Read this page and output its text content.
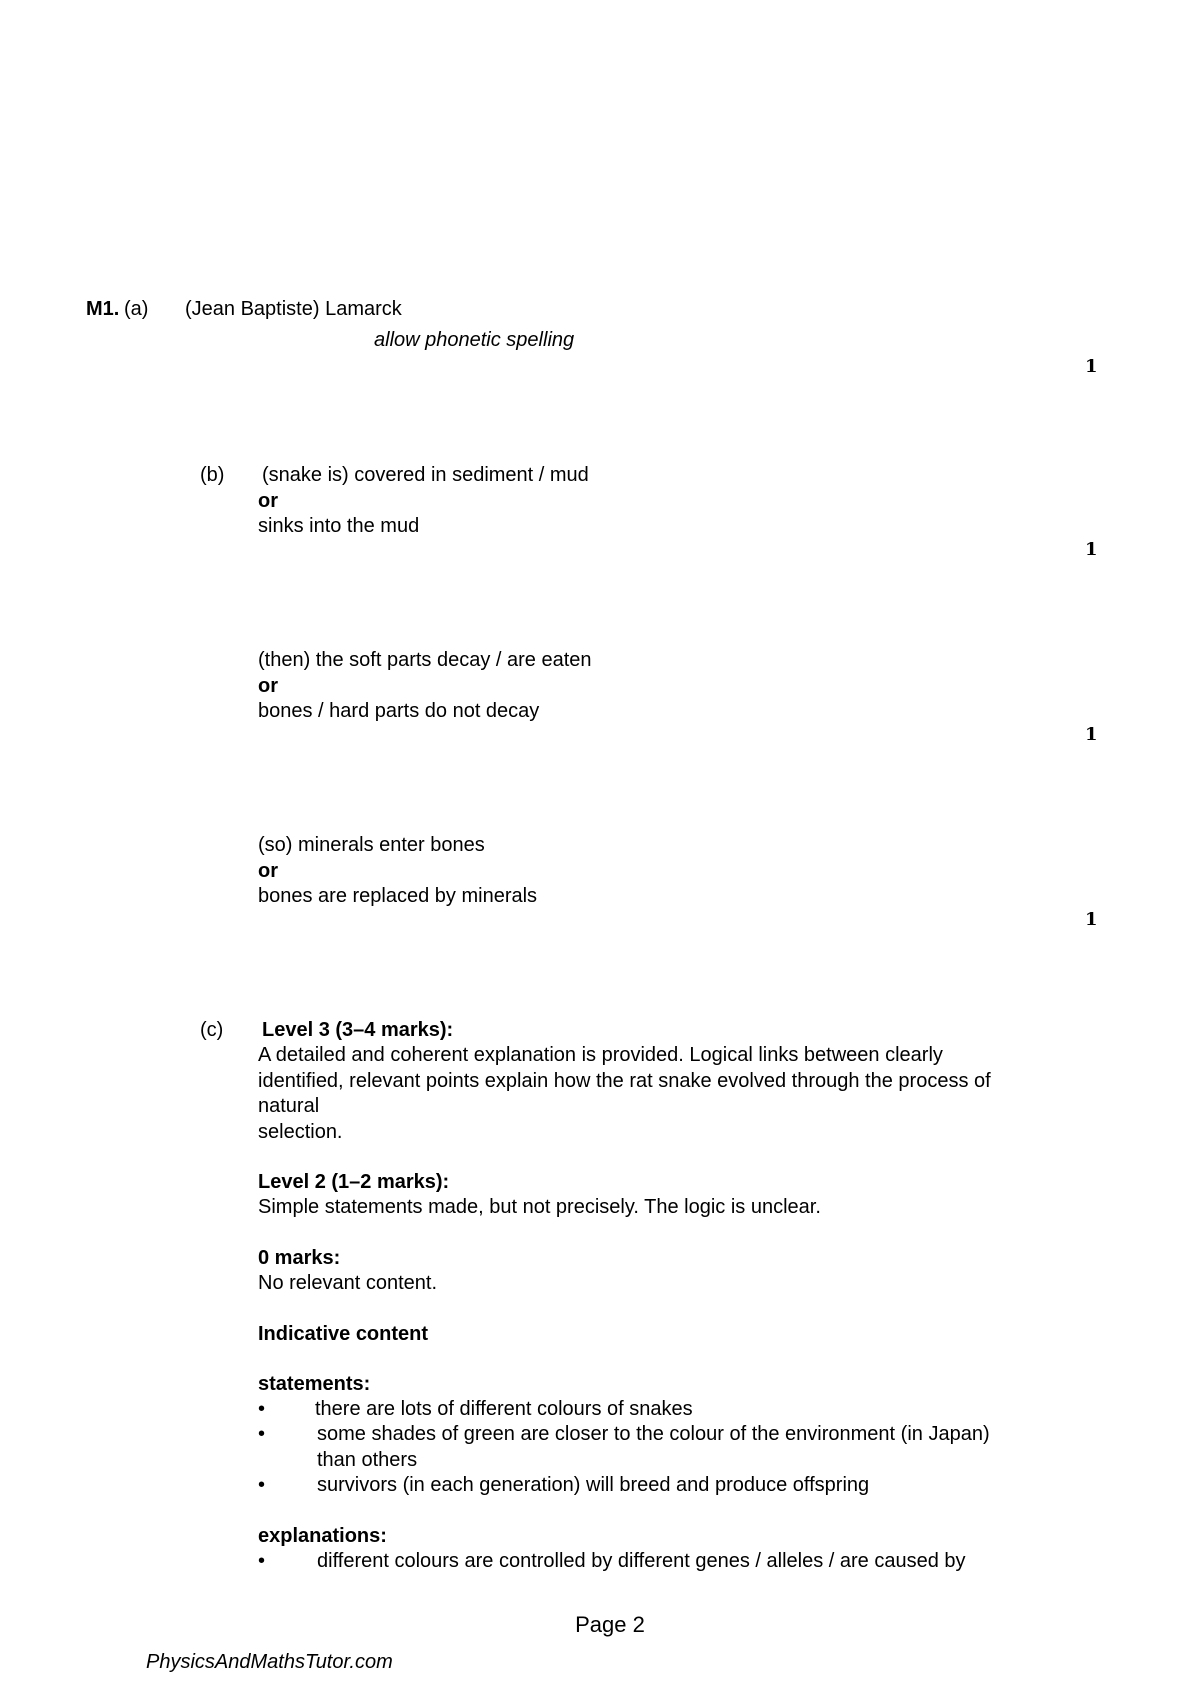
M1. (a) (Jean Baptiste) Lamarck
allow phonetic spelling
1
(b) (snake is) covered in sediment / mud
or
sinks into the mud
1
(then) the soft parts decay / are eaten
or
bones / hard parts do not decay
1
(so) minerals enter bones
or
bones are replaced by minerals
1
(c) Level 3 (3–4 marks):
A detailed and coherent explanation is provided. Logical links between clearly
identified, relevant points explain how the rat snake evolved through the process of
natural
selection.
Level 2 (1–2 marks):
Simple statements made, but not precisely. The logic is unclear.
0 marks:
No relevant content.
Indicative content
statements:
• there are lots of different colours of snakes
•	some shades of green are closer to the colour of the environment (in Japan)
than others
•	survivors (in each generation) will breed and produce offspring
explanations:
•	different colours are controlled by different genes / alleles / are caused by
Page 2
PhysicsAndMathsTutor.com
